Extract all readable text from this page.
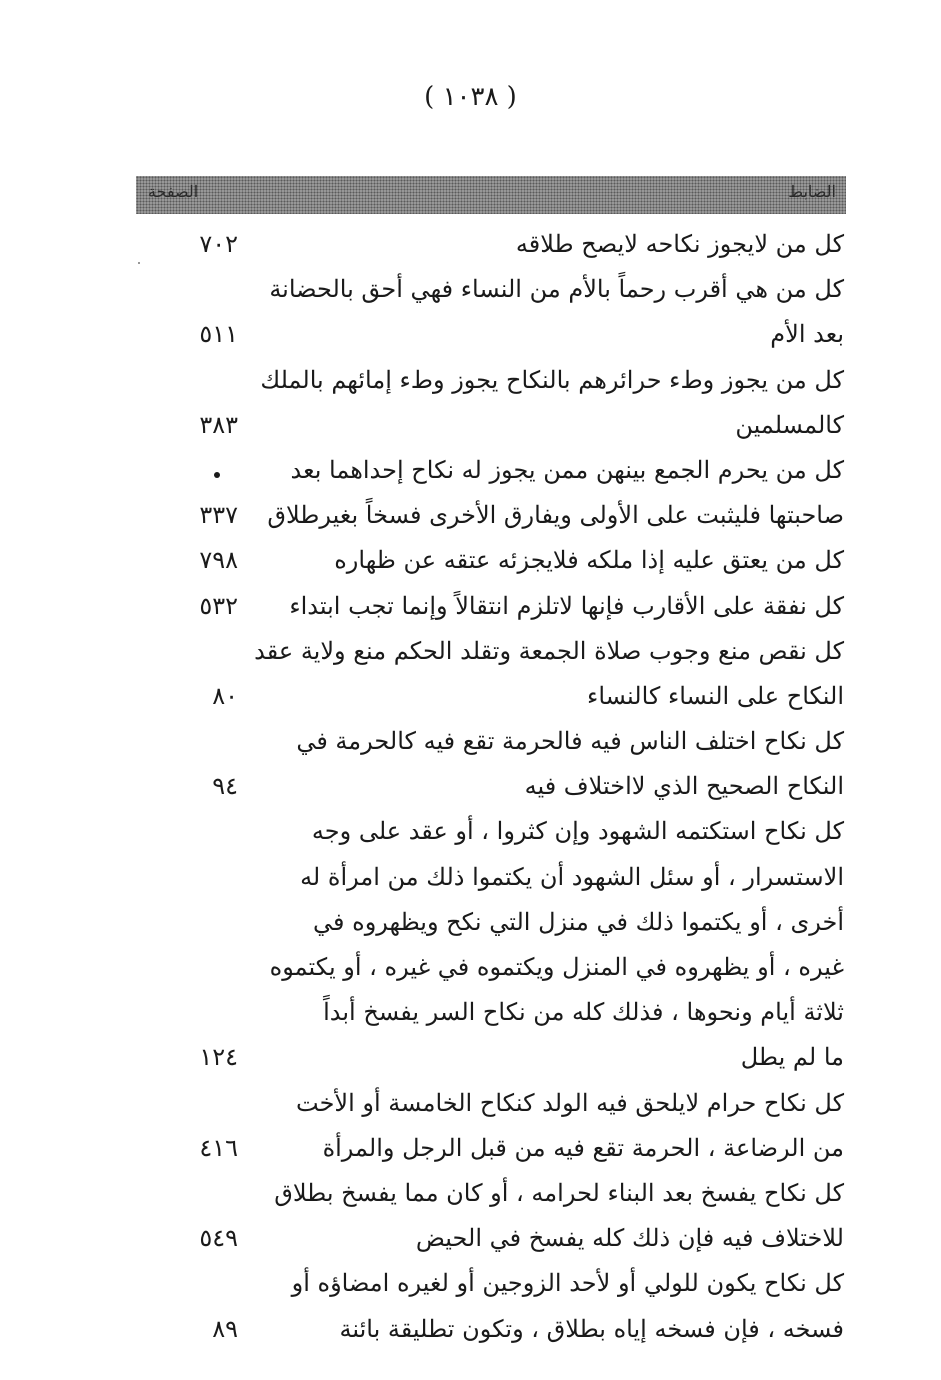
( ١٠٣٨ )
الضابط
الصفحة
كل من لايجوز نكاحه لايصح طلاقه
٧٠٢
كل من هي أقرب رحماً بالأم من النساء فهي أحق بالحضانة
بعد الأم
٥١١
كل من يجوز وطء حرائرهم بالنكاح يجوز وطء إمائهم بالملك
كالمسلمين
٣٨٣
كل من يحرم الجمع بينهن ممن يجوز له نكاح إحداهما بعد
صاحبتها فليثبت على الأولى ويفارق الأخرى فسخاً بغيرطلاق
٣٣٧
كل من يعتق عليه إذا ملكه فلايجزئه عتقه عن ظهاره
٧٩٨
كل نفقة على الأقارب فإنها لاتلزم انتقالاً وإنما تجب ابتداء
٥٣٢
كل نقص منع وجوب صلاة الجمعة وتقلد الحكم منع ولاية عقد
النكاح على النساء كالنساء
٨٠
كل نكاح اختلف الناس فيه فالحرمة تقع فيه كالحرمة في
النكاح الصحيح الذي لااختلاف فيه
٩٤
كل نكاح استكتمه الشهود وإن كثروا ، أو عقد على وجه
الاستسرار ، أو سئل الشهود أن يكتموا ذلك من امرأة له
أخرى ، أو يكتموا ذلك في منزل التي نكح ويظهروه في
غيره ، أو يظهروه في المنزل ويكتموه في غيره ، أو يكتموه
ثلاثة أيام ونحوها ، فذلك كله من نكاح السر يفسخ أبداً
ما لم يطل
١٢٤
كل نكاح حرام لايلحق فيه الولد كنكاح الخامسة أو الأخت
من الرضاعة ، الحرمة تقع فيه من قبل الرجل والمرأة
٤١٦
كل نكاح يفسخ بعد البناء لحرامه ، أو كان مما يفسخ بطلاق
للاختلاف فيه فإن ذلك كله يفسخ في الحيض
٥٤٩
كل نكاح يكون للولي أو لأحد الزوجين أو لغيره امضاؤه أو
فسخه ، فإن فسخه إياه بطلاق ، وتكون تطليقة بائنة
٨٩
